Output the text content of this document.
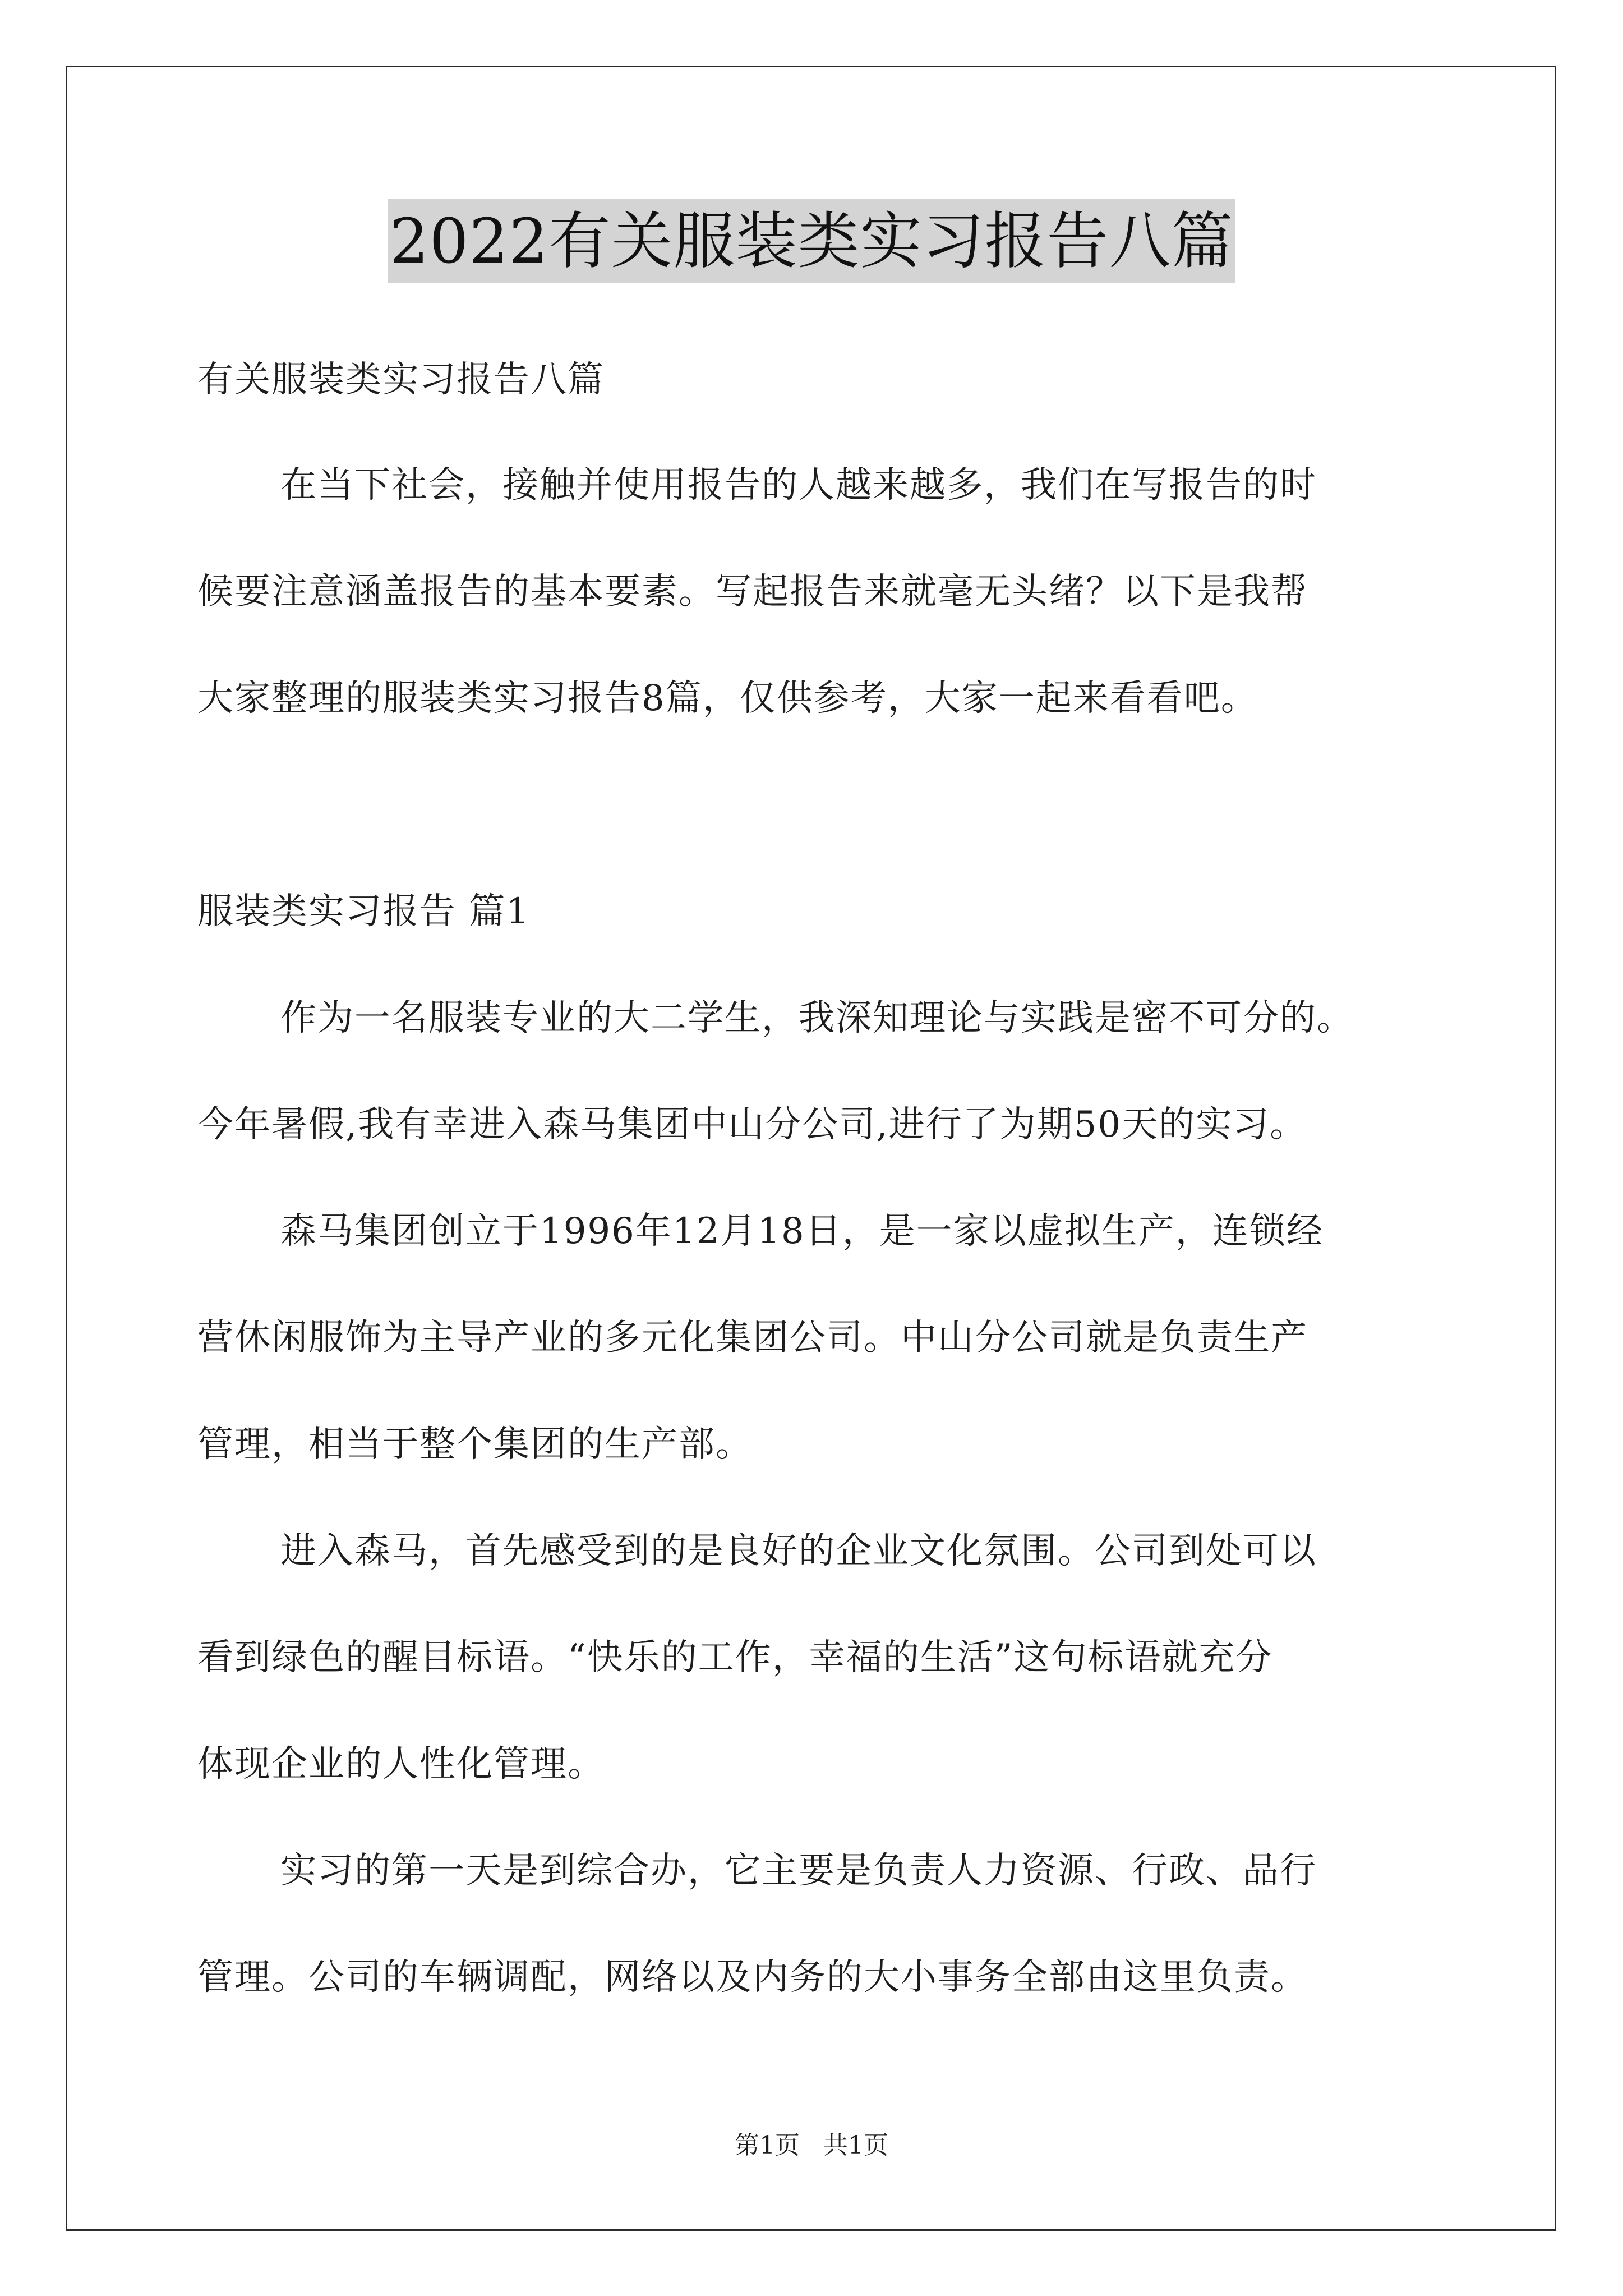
2022有关服装类实习报告八篇
有关服装类实习报告八篇
在当下社会，接触并使用报告的人越来越多，我们在写报告的时
候要注意涵盖报告的基本要素。写起报告来就毫无头绪？以下是我帮
大家整理的服装类实习报告8篇，仅供参考，大家一起来看看吧。
服装类实习报告 篇1
作为一名服装专业的大二学生，我深知理论与实践是密不可分的。
今年暑假,我有幸进入森马集团中山分公司,进行了为期50天的实习。
森马集团创立于1996年12月18日，是一家以虚拟生产，连锁经
营休闲服饰为主导产业的多元化集团公司。中山分公司就是负责生产
管理，相当于整个集团的生产部。
进入森马，首先感受到的是良好的企业文化氛围。公司到处可以
看到绿色的醒目标语。“快乐的工作，幸福的生活”这句标语就充分
体现企业的人性化管理。
实习的第一天是到综合办，它主要是负责人力资源、行政、品行
管理。公司的车辆调配，网络以及内务的大小事务全部由这里负责。
第1页 共1页
